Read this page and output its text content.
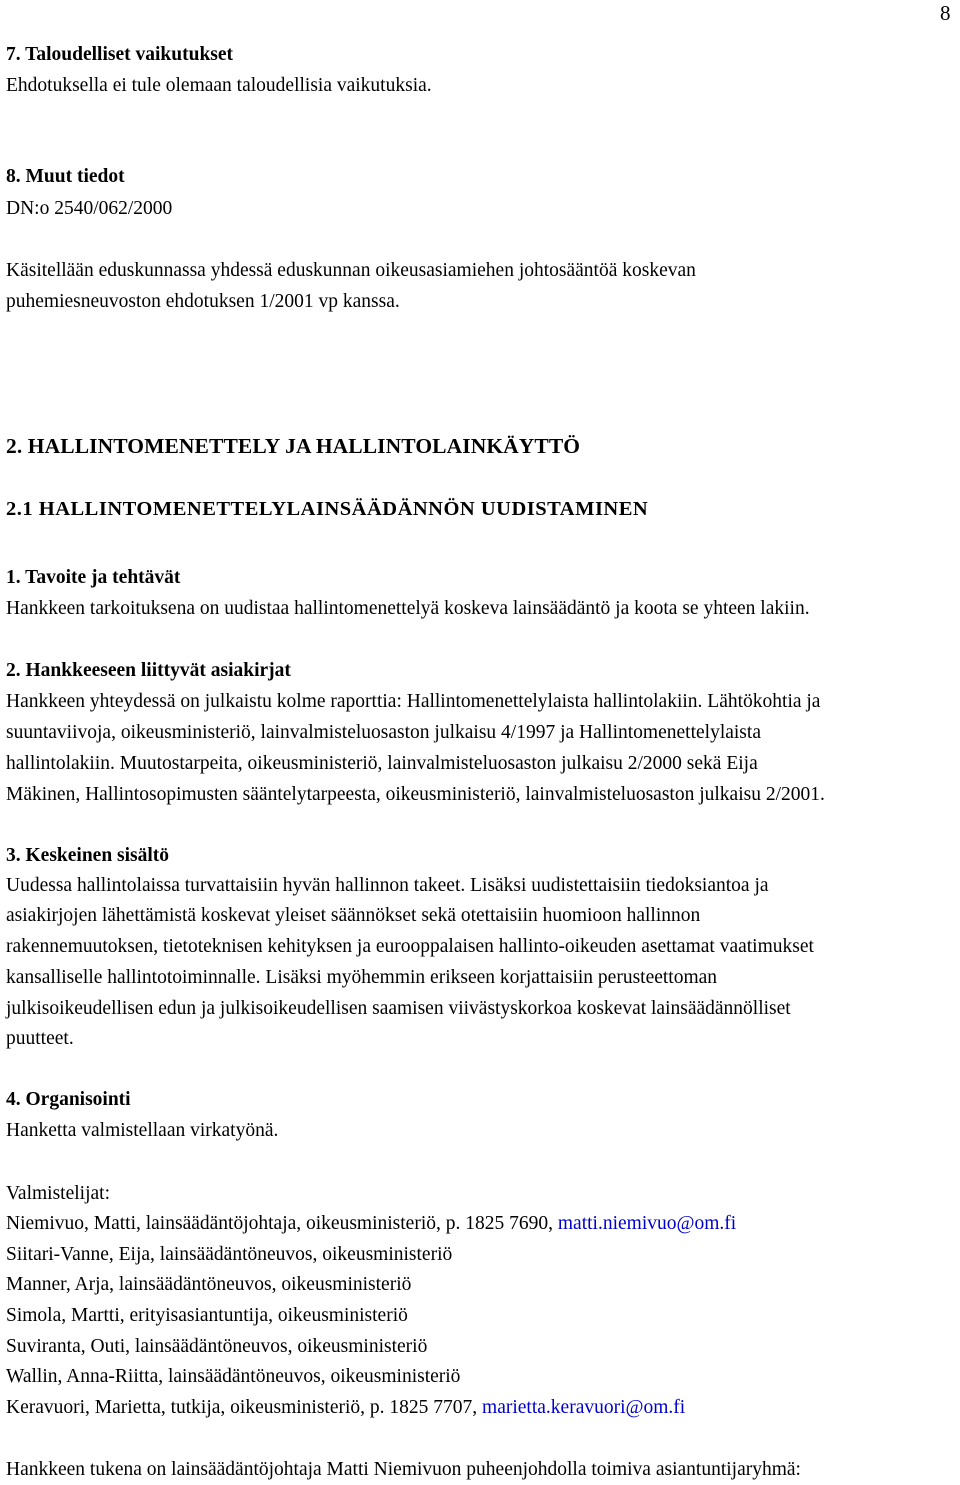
8
7. Taloudelliset vaikutukset
Ehdotuksella ei tule olemaan taloudellisia vaikutuksia.
8. Muut tiedot
DN:o 2540/062/2000
Käsitellään eduskunnassa yhdessä eduskunnan oikeusasiamiehen johtosääntöä koskevan
puhemiesneuvoston ehdotuksen 1/2001 vp kanssa.
2. HALLINTOMENETTELY JA HALLINTOLAINKÄYTTÖ
2.1 HALLINTOMENETTELYLAINSÄÄDÄNNÖN UUDISTAMINEN
1. Tavoite ja tehtävät
Hankkeen tarkoituksena on uudistaa hallintomenettelyä koskeva lainsäädäntö ja koota se yhteen lakiin.
2. Hankkeeseen liittyvät asiakirjat
Hankkeen yhteydessä on julkaistu kolme raporttia: Hallintomenettelylaista hallintolakiin. Lähtökohtia ja
suuntaviivoja, oikeusministeriö, lainvalmisteluosaston julkaisu 4/1997 ja Hallintomenettelylaista
hallintolakiin. Muutostarpeita, oikeusministeriö, lainvalmisteluosaston julkaisu 2/2000 sekä Eija
Mäkinen, Hallintosopimusten sääntelytarpeesta, oikeusministeriö, lainvalmisteluosaston julkaisu 2/2001.
3. Keskeinen sisältö
Uudessa hallintolaissa turvattaisiin hyvän hallinnon takeet. Lisäksi uudistettaisiin tiedoksiantoa ja
asiakirjojen lähettämistä koskevat yleiset säännökset sekä otettaisiin huomioon hallinnon
rakennemuutoksen, tietoteknisen kehityksen ja eurooppalaisen hallinto-oikeuden asettamat vaatimukset
kansalliselle hallintotoiminnalle. Lisäksi myöhemmin erikseen korjattaisiin perusteettoman
julkisoikeudellisen edun ja julkisoikeudellisen saamisen viivästyskorkoa koskevat lainsäädännölliset
puutteet.
4. Organisointi
Hanketta valmistellaan virkatyönä.
Valmistelijat:
Niemivuo, Matti, lainsäädäntöjohtaja, oikeusministeriö, p. 1825 7690, matti.niemivuo@om.fi
Siitari-Vanne, Eija, lainsäädäntöneuvos, oikeusministeriö
Manner, Arja, lainsäädäntöneuvos, oikeusministeriö
Simola, Martti, erityisasiantuntija, oikeusministeriö
Suviranta, Outi, lainsäädäntöneuvos, oikeusministeriö
Wallin, Anna-Riitta, lainsäädäntöneuvos, oikeusministeriö
Keravuori, Marietta, tutkija, oikeusministeriö, p. 1825 7707, marietta.keravuori@om.fi
Hankkeen tukena on lainsäädäntöjohtaja Matti Niemivuon puheenjohdolla toimiva asiantuntijaryhmä:
